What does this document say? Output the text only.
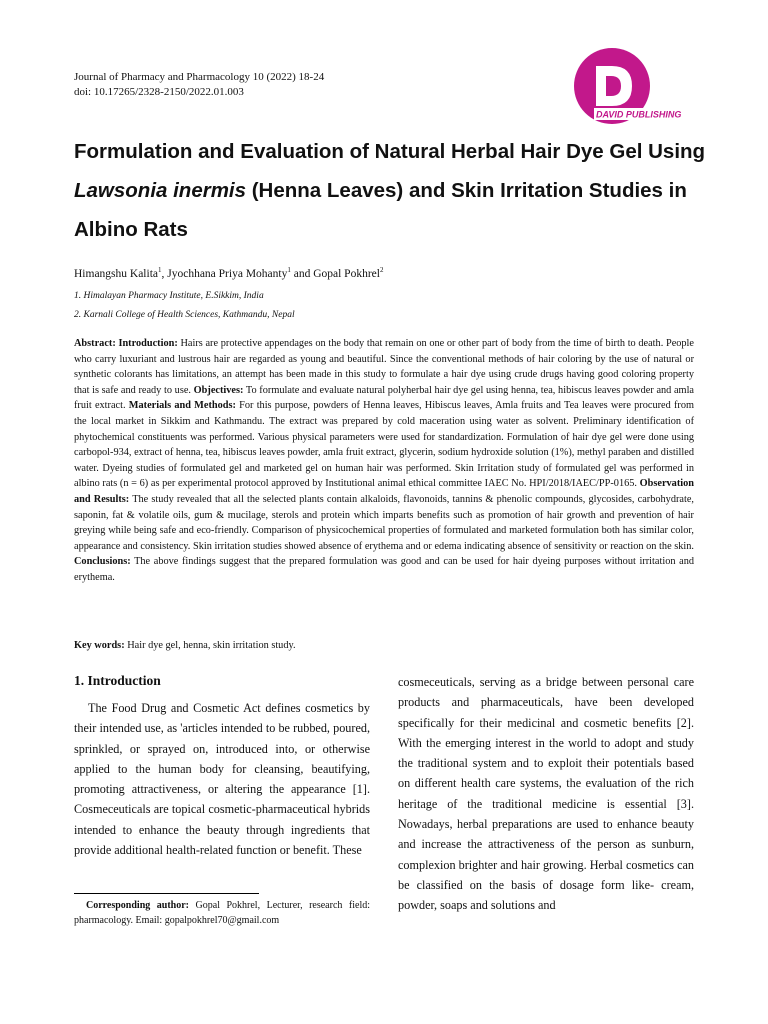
Journal of Pharmacy and Pharmacology 10 (2022) 18-24
doi: 10.17265/2328-2150/2022.01.003
DAVID PUBLISHING
Formulation and Evaluation of Natural Herbal Hair Dye Gel Using Lawsonia inermis (Henna Leaves) and Skin Irritation Studies in Albino Rats
Himangshu Kalita$^1$, Jyochhana Priya Mohanty$^1$ and Gopal Pokhrel$^2$
1. Himalayan Pharmacy Institute, E.Sikkim, India
2. Karnali College of Health Sciences, Kathmandu, Nepal
Abstract: Introduction: Hairs are protective appendages on the body that remain on one or other part of body from the time of birth to death. People who carry luxuriant and lustrous hair are regarded as young and beautiful. Since the conventional methods of hair coloring by the use of natural or synthetic colorants has limitations, an attempt has been made in this study to formulate a hair dye using crude drugs having good coloring property that is safe and ready to use. Objectives: To formulate and evaluate natural polyherbal hair dye gel using henna, tea, hibiscus leaves powder and amla fruit extract. Materials and Methods: For this purpose, powders of Henna leaves, Hibiscus leaves, Amla fruits and Tea leaves were procured from the local market in Sikkim and Kathmandu. The extract was prepared by cold maceration using water as solvent. Preliminary identification of phytochemical constituents was performed. Various physical parameters were used for standardization. Formulation of hair dye gel were done using carbopol-934, extract of henna, tea, hibiscus leaves powder, amla fruit extract, glycerin, sodium hydroxide solution (1%), methyl paraben and distilled water. Dyeing studies of formulated gel and marketed gel on human hair was performed. Skin Irritation study of formulated gel was performed in albino rats (n = 6) as per experimental protocol approved by Institutional animal ethical committee IAEC No. HPI/2018/IAEC/PP-0165. Observation and Results: The study revealed that all the selected plants contain alkaloids, flavonoids, tannins & phenolic compounds, glycosides, carbohydrate, saponin, fat & volatile oils, gum & mucilage, sterols and protein which imparts benefits such as promotion of hair growth and prevention of hair greying while being safe and eco-friendly. Comparison of physicochemical properties of formulated and marketed formulation both has similar color, appearance and consistency. Skin irritation studies showed absence of erythema and or edema indicating absence of sensitivity or reaction on the skin. Conclusions: The above findings suggest that the prepared formulation was good and can be used for hair dyeing purposes without irritation and erythema.
Key words: Hair dye gel, henna, skin irritation study.
1. Introduction

The Food Drug and Cosmetic Act defines cosmetics by their intended use, as 'articles intended to be rubbed, poured, sprinkled, or sprayed on, introduced into, or otherwise applied to the human body for cleansing, beautifying, promoting attractiveness, or altering the appearance [1]. Cosmeceuticals are topical cosmetic-pharmaceutical hybrids intended to enhance the beauty through ingredients that provide additional health-related function or benefit. These

cosmeceuticals, serving as a bridge between personal care products and pharmaceuticals, have been developed specifically for their medicinal and cosmetic benefits [2]. With the emerging interest in the world to adopt and study the traditional system and to exploit their potentials based on different health care systems, the evaluation of the rich heritage of the traditional medicine is essential [3]. Nowadays, herbal preparations are used to enhance beauty and increase the attractiveness of the person as sunburn, complexion brighter and hair growing. Herbal cosmetics can be classified on the basis of dosage form like- cream, powder, soaps and solutions and

Corresponding author: Gopal Pokhrel, Lecturer, research field: pharmacology. Email: gopalpokhrel70@gmail.com
